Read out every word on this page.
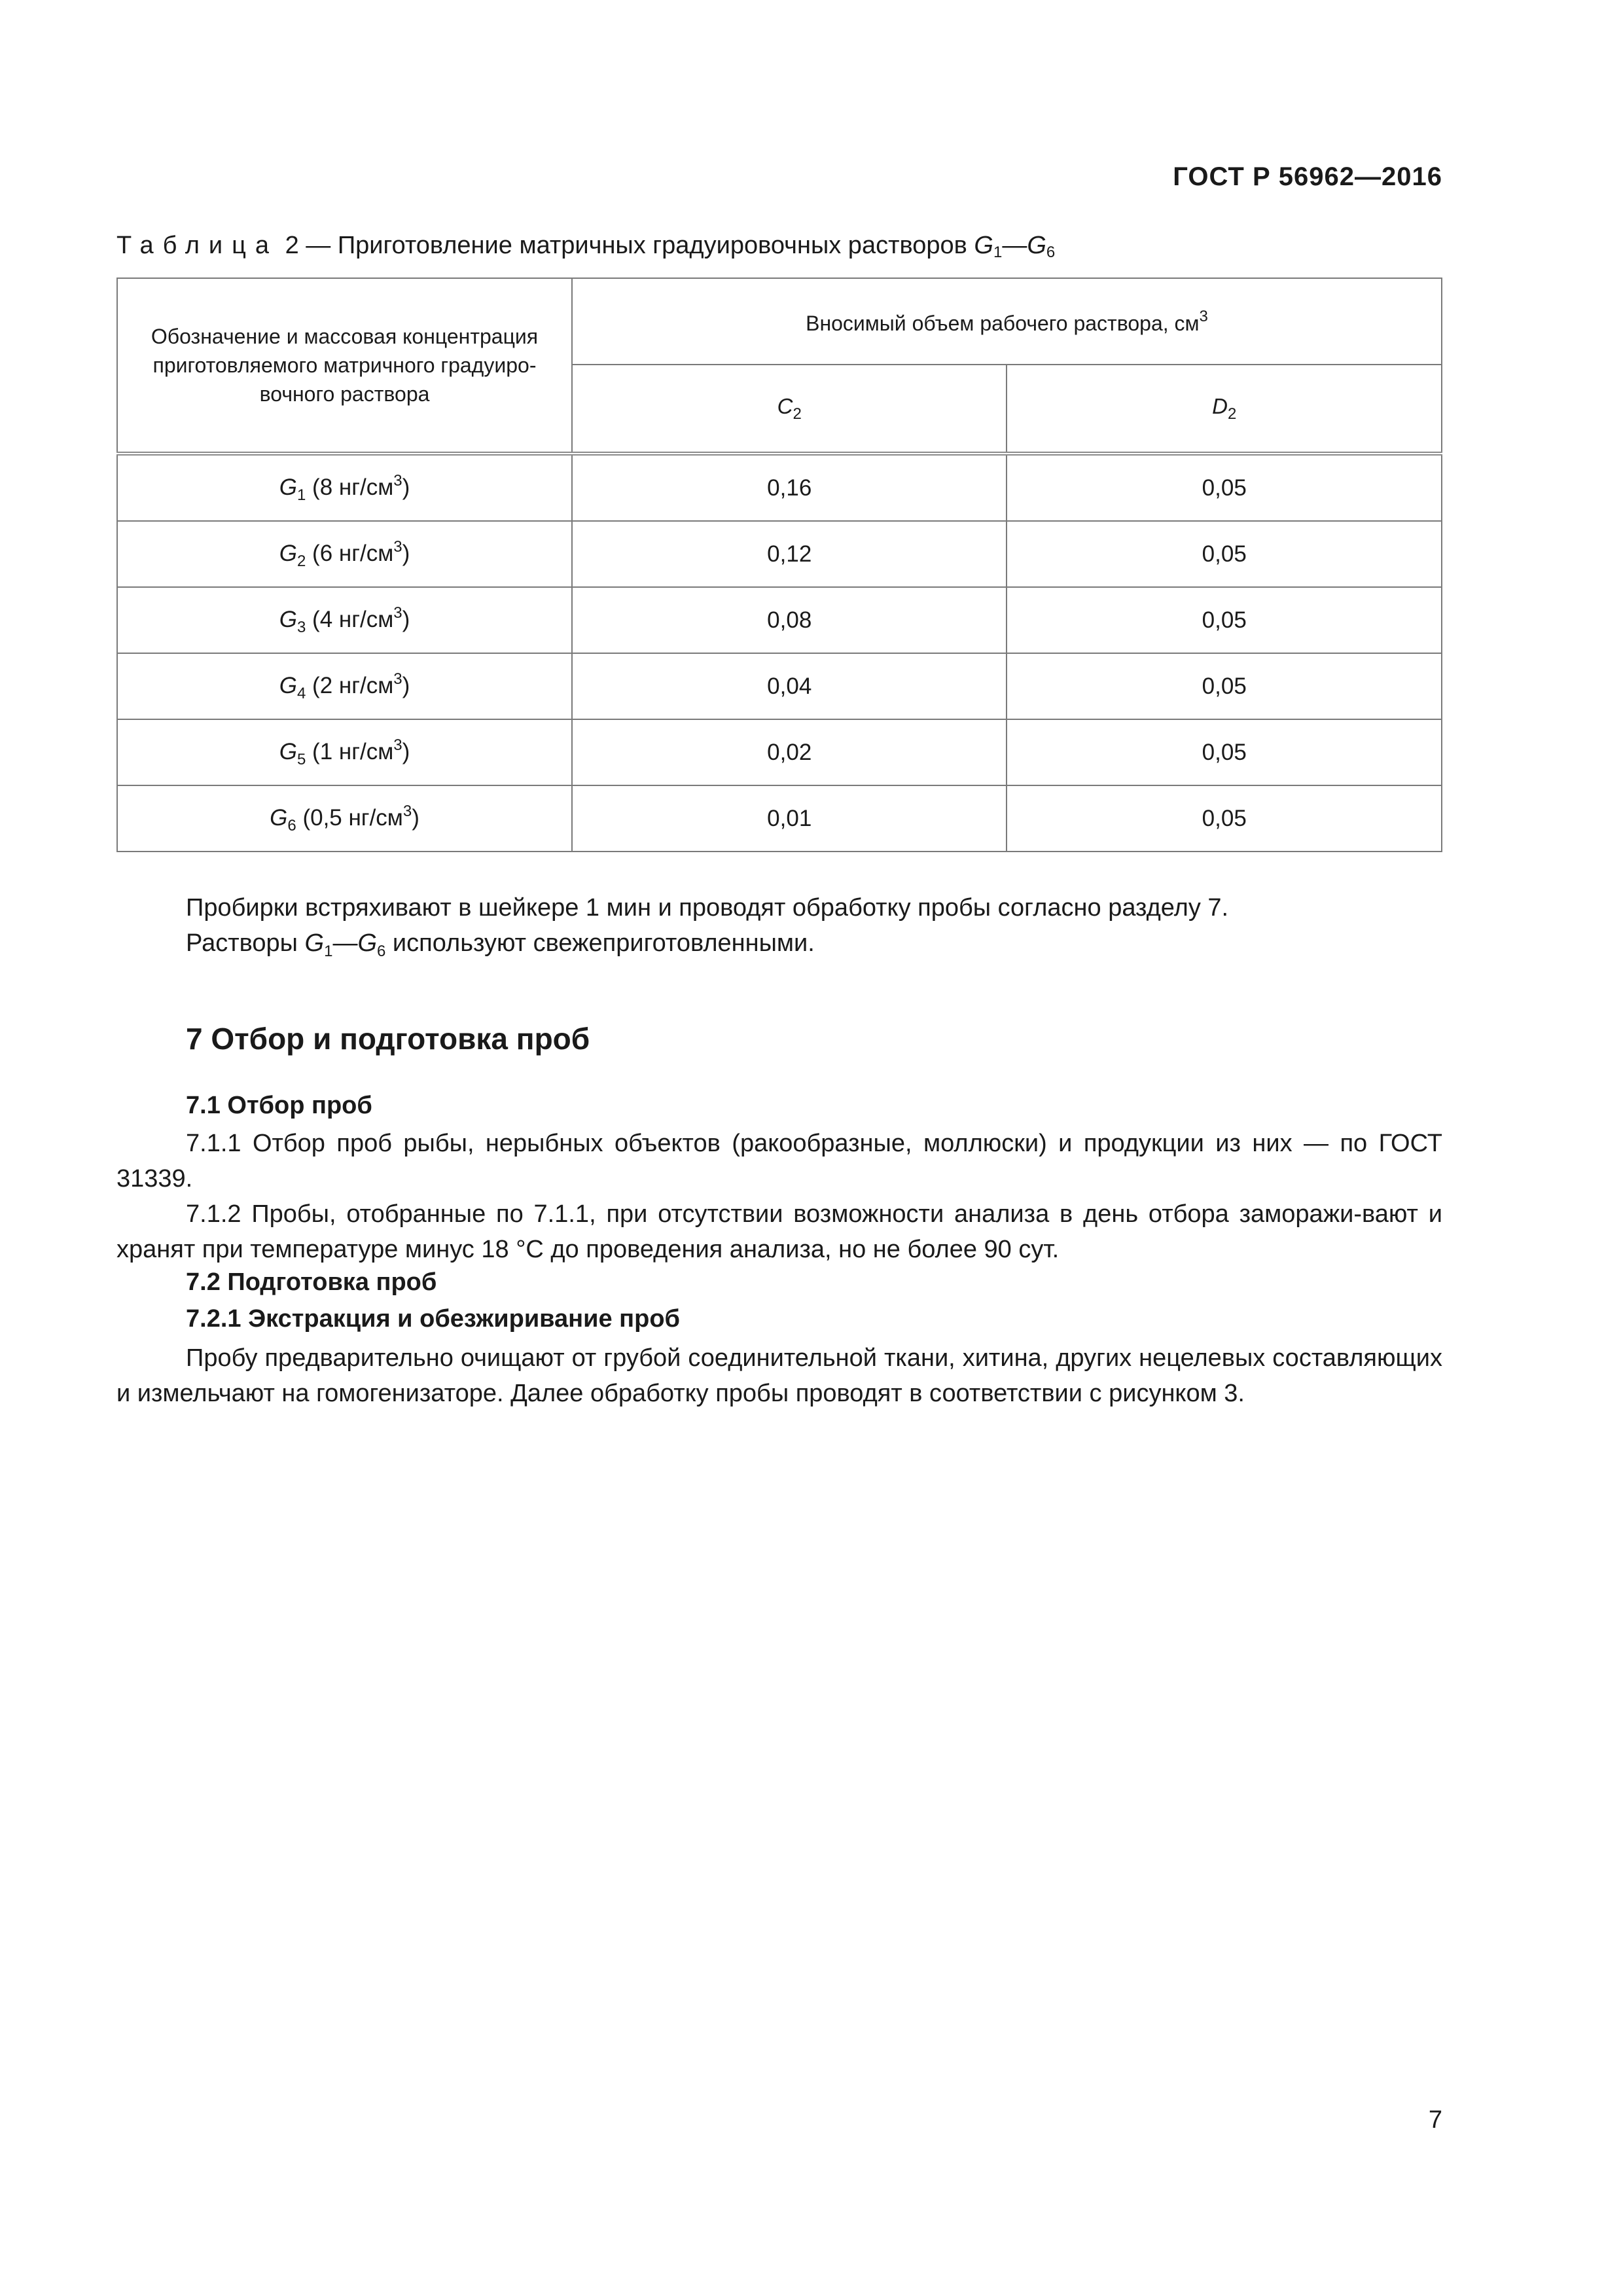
ГОСТ Р 56962—2016
Таблица 2 — Приготовление матричных градуировочных растворов G1—G6
Обозначение и массовая концентрация приготовляемого матричного градуиро-вочного раствора	Вносимый объем рабочего раствора, $см^3$
	$C_2$	$D_2$
$G_1$ (8 $нг/см^3$)	0,16	0,05
$G_2$ (6 $нг/см^3$)	0,12	0,05
$G_3$ (4 $нг/см^3$)	0,08	0,05
$G_4$ (2 $нг/см^3$)	0,04	0,05
$G_5$ (1 $нг/см^3$)	0,02	0,05
$G_6$ (0,5 $нг/см^3$)	0,01	0,05

Пробирки встряхивают в шейкере 1 мин и проводят обработку пробы согласно разделу 7.

Растворы $G_1—G_6$ используют свежеприготовленными.

7 Отбор и подготовка проб
7.1 Отбор проб

7.1.1 Отбор проб рыбы, нерыбных объектов (ракообразные, моллюски) и продукции из них — по ГОСТ 31339.

7.1.2 Пробы, отобранные по 7.1.1, при отсутствии возможности анализа в день отбора заморажи-вают и хранят при температуре минус 18 °С до проведения анализа, но не более 90 сут.

7.2 Подготовка проб
7.2.1 Экстракция и обезжиривание проб

Пробу предварительно очищают от грубой соединительной ткани, хитина, других нецелевых составляющих и измельчают на гомогенизаторе. Далее обработку пробы проводят в соответствии с рисунком 3.

7
